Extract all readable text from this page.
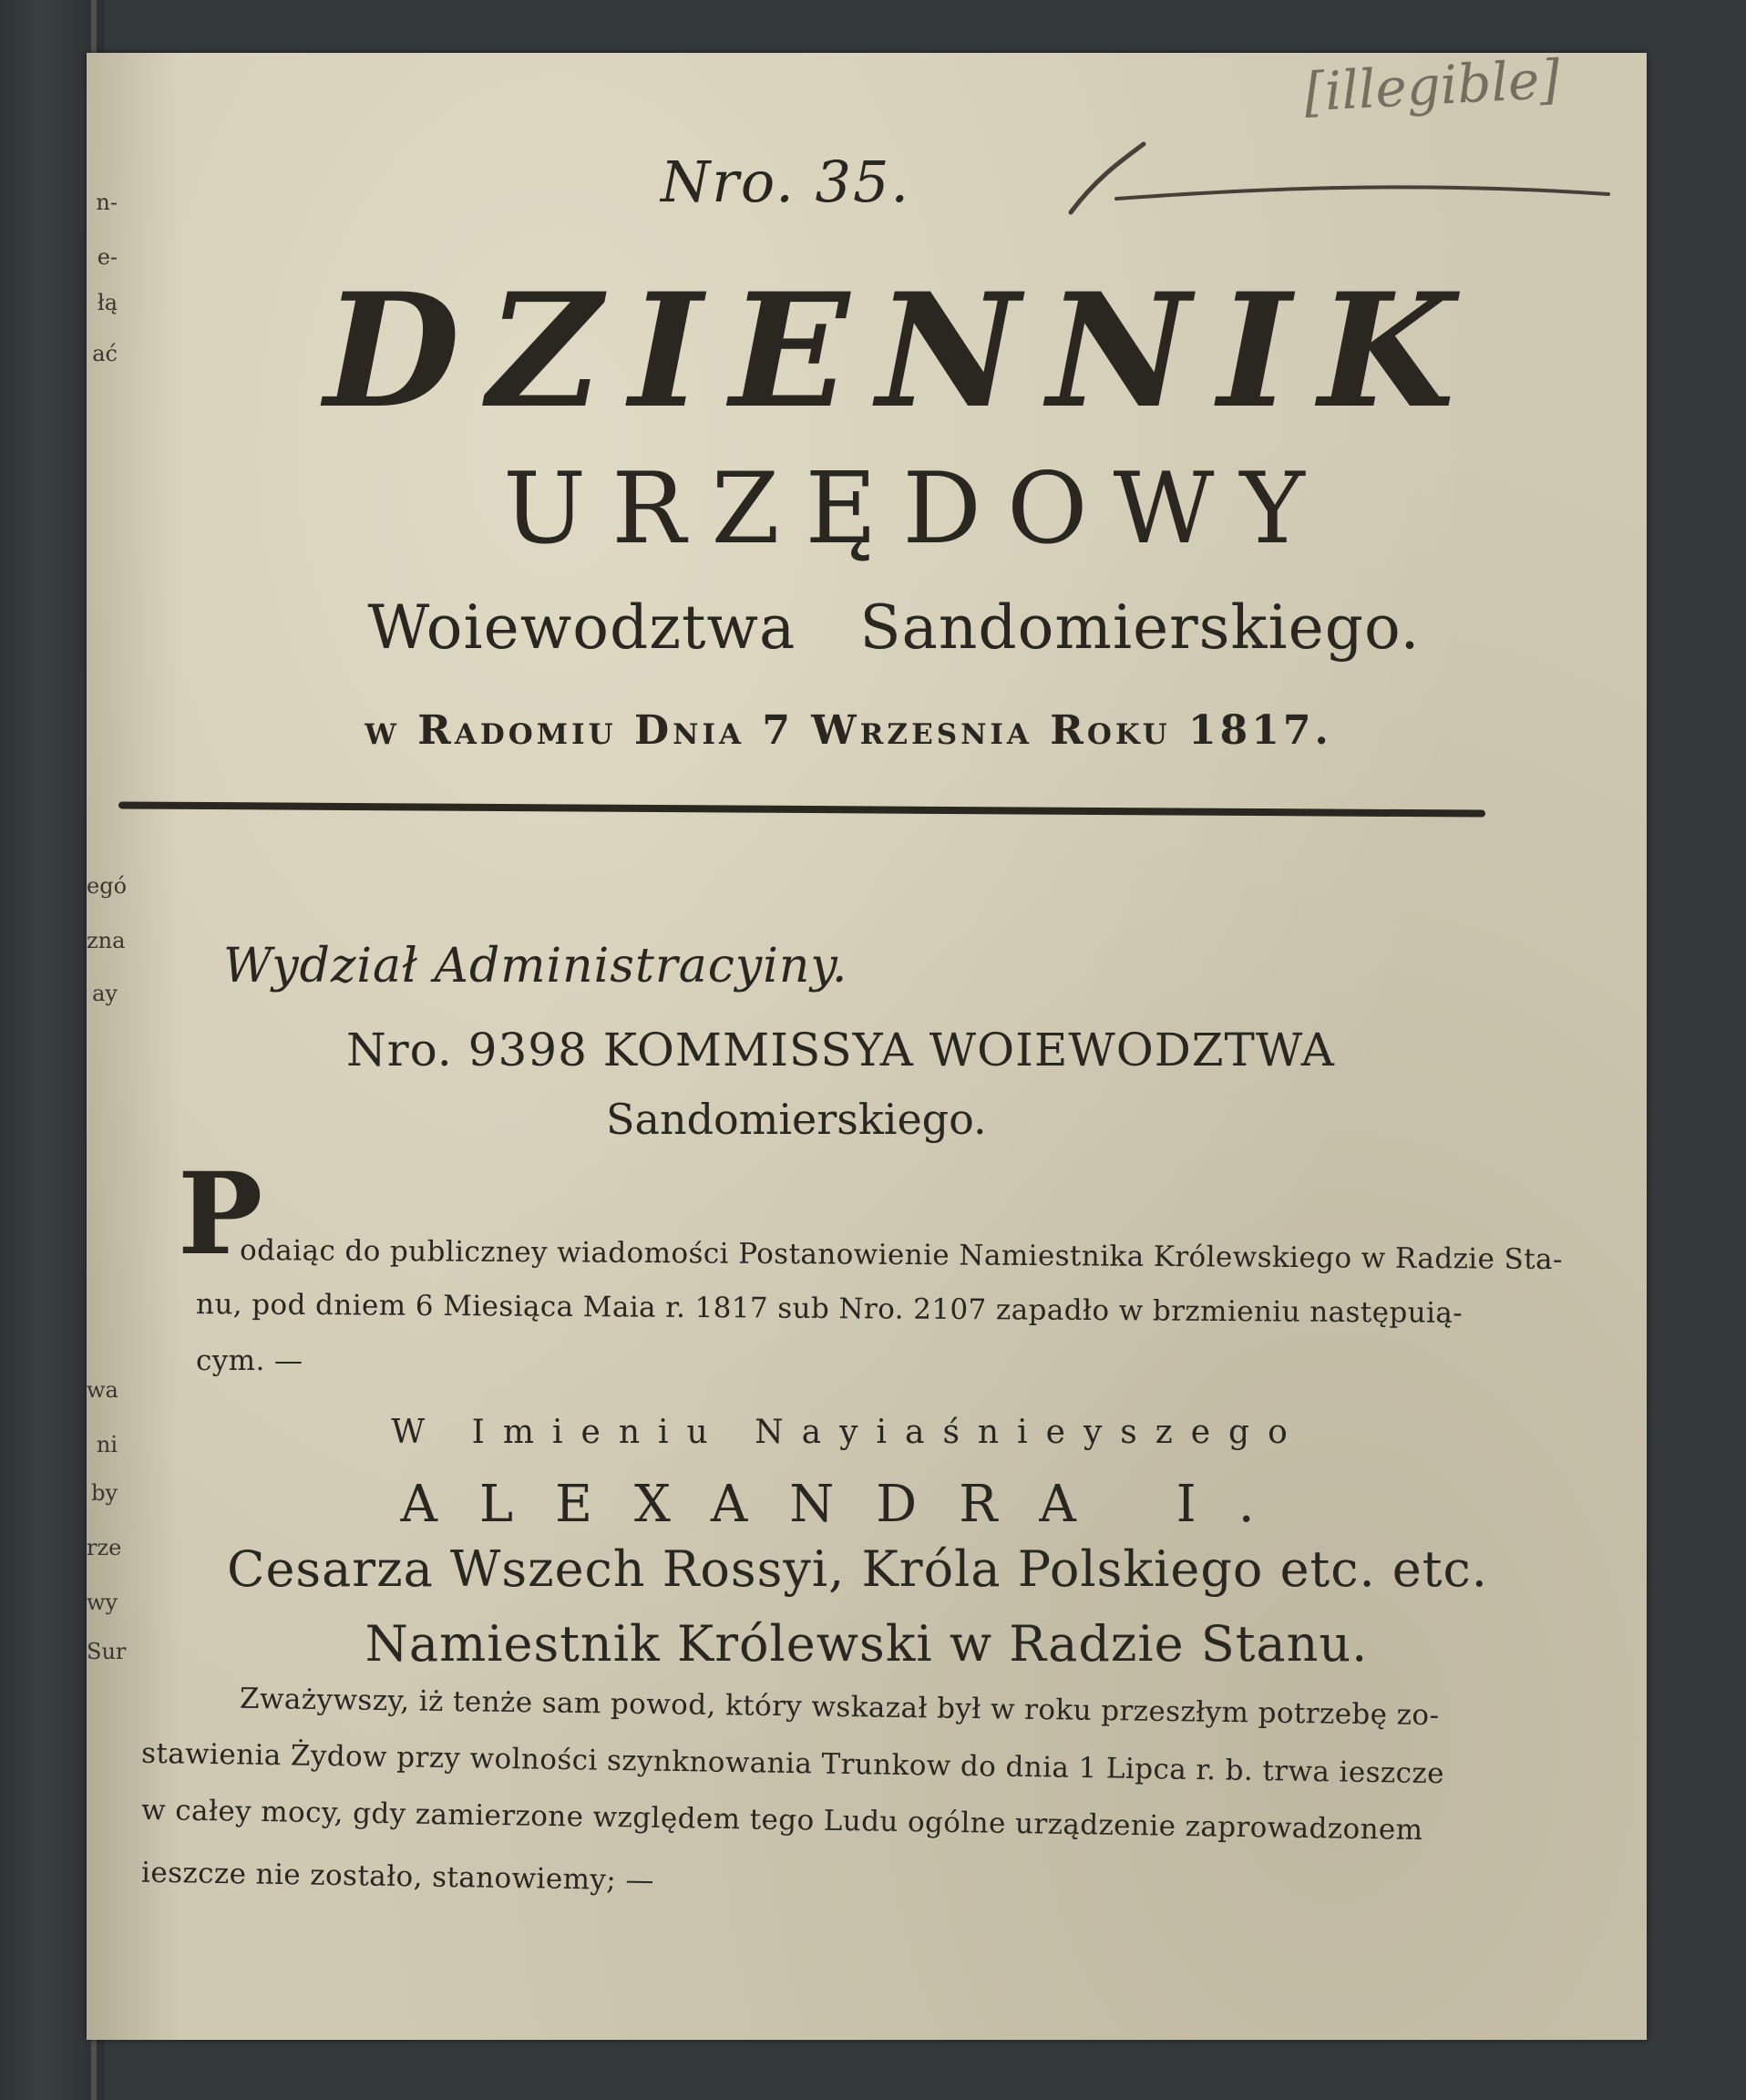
n-
e-
łą
ać
egó
zna
ay
wa
ni
by
rze
wy
Sur
[illegible]
Nro. 35.
DZIENNIK
URZĘDOWY
Woiewodztwa Sandomierskiego.
w Radomiu Dnia 7 Wrzesnia Roku 1817.
Wydział Administracyiny.
Nro. 9398 KOMMISSYA WOIEWODZTWA
Sandomierskiego.
P
odaiąc do publiczney wiadomości Postanowienie Namiestnika Królewskiego w Radzie Sta-
nu, pod dniem 6 Miesiąca Maia r. 1817 sub Nro. 2107 zapadło w brzmieniu następuią-
cym. —
W Imieniu Nayiaśnieyszego
ALEXANDRA I.
Cesarza Wszech Rossyi, Króla Polskiego etc. etc.
Namiestnik Królewski w Radzie Stanu.
Zważywszy, iż tenże sam powod, który wskazał był w roku przeszłym potrzebę zo-
stawienia Żydow przy wolności szynknowania Trunkow do dnia 1 Lipca r. b. trwa ieszcze
w całey mocy, gdy zamierzone względem tego Ludu ogólne urządzenie zaprowadzonem
ieszcze nie zostało, stanowiemy; —
